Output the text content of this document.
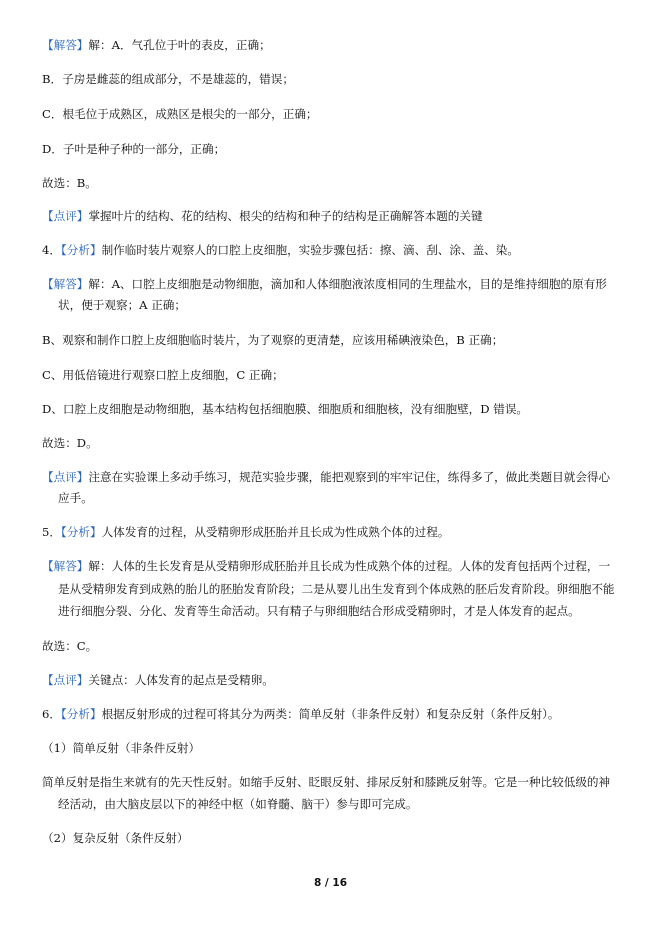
【解答】解：A．气孔位于叶的表皮，正确；
B．子房是雌蕊的组成部分，不是雄蕊的，错误；
C．根毛位于成熟区，成熟区是根尖的一部分，正确；
D．子叶是种子种的一部分，正确；
故选：B。
【点评】掌握叶片的结构、花的结构、根尖的结构和种子的结构是正确解答本题的关键
4．【分析】制作临时装片观察人的口腔上皮细胞，实验步骤包括：擦、滴、刮、涂、盖、染。
【解答】解：A、口腔上皮细胞是动物细胞，滴加和人体细胞液浓度相同的生理盐水，目的是维持细胞的原有形
状，便于观察；A 正确；
B、观察和制作口腔上皮细胞临时装片，为了观察的更清楚，应该用稀碘液染色，B 正确；
C、用低倍镜进行观察口腔上皮细胞，C 正确；
D、口腔上皮细胞是动物细胞，基本结构包括细胞膜、细胞质和细胞核，没有细胞壁，D 错误。
故选：D。
【点评】注意在实验课上多动手练习，规范实验步骤，能把观察到的牢牢记住，练得多了，做此类题目就会得心
应手。
5．【分析】人体发育的过程，从受精卵形成胚胎并且长成为性成熟个体的过程。
【解答】解：人体的生长发育是从受精卵形成胚胎并且长成为性成熟个体的过程。人体的发育包括两个过程，一
是从受精卵发育到成熟的胎儿的胚胎发育阶段；二是从婴儿出生发育到个体成熟的胚后发育阶段。卵细胞不能
进行细胞分裂、分化、发育等生命活动。只有精子与卵细胞结合形成受精卵时，才是人体发育的起点。
故选：C。
【点评】关键点：人体发育的起点是受精卵。
6．【分析】根据反射形成的过程可将其分为两类：简单反射（非条件反射）和复杂反射（条件反射）。
（1）简单反射（非条件反射）
简单反射是指生来就有的先天性反射。如缩手反射、眨眼反射、排尿反射和膝跳反射等。它是一种比较低级的神
经活动，由大脑皮层以下的神经中枢（如脊髓、脑干）参与即可完成。
（2）复杂反射（条件反射）
8 / 16
